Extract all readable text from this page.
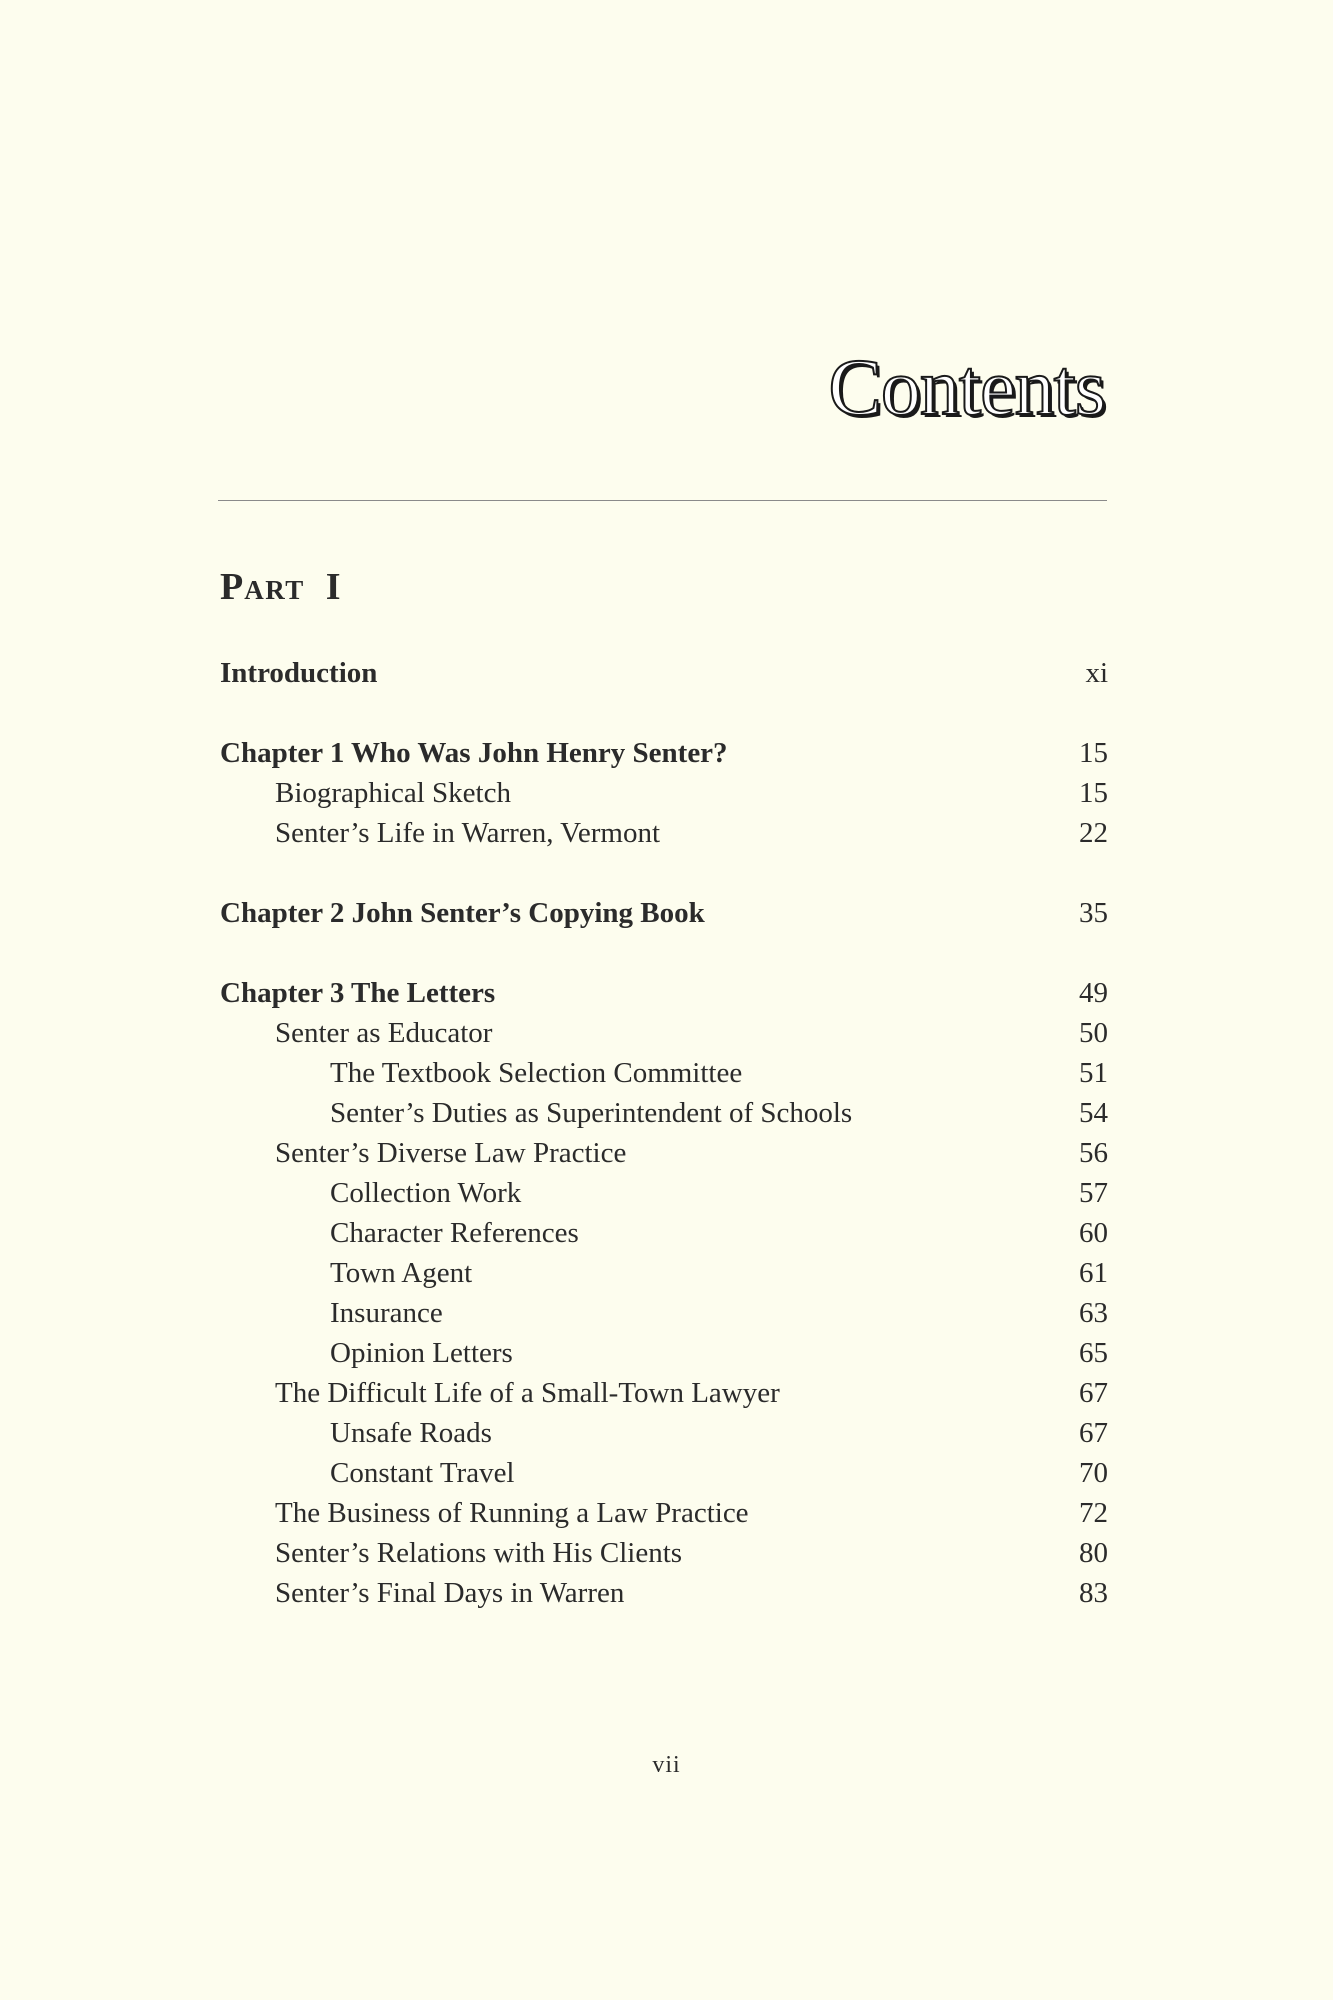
Contents
PART I
Introduction	xi
Chapter 1 Who Was John Henry Senter?	15
Biographical Sketch	15
Senter’s Life in Warren, Vermont	22
Chapter 2 John Senter’s Copying Book	35
Chapter 3 The Letters	49
Senter as Educator	50
The Textbook Selection Committee	51
Senter’s Duties as Superintendent of Schools	54
Senter’s Diverse Law Practice	56
Collection Work	57
Character References	60
Town Agent	61
Insurance	63
Opinion Letters	65
The Difficult Life of a Small-Town Lawyer	67
Unsafe Roads	67
Constant Travel	70
The Business of Running a Law Practice	72
Senter’s Relations with His Clients	80
Senter’s Final Days in Warren	83
vii
